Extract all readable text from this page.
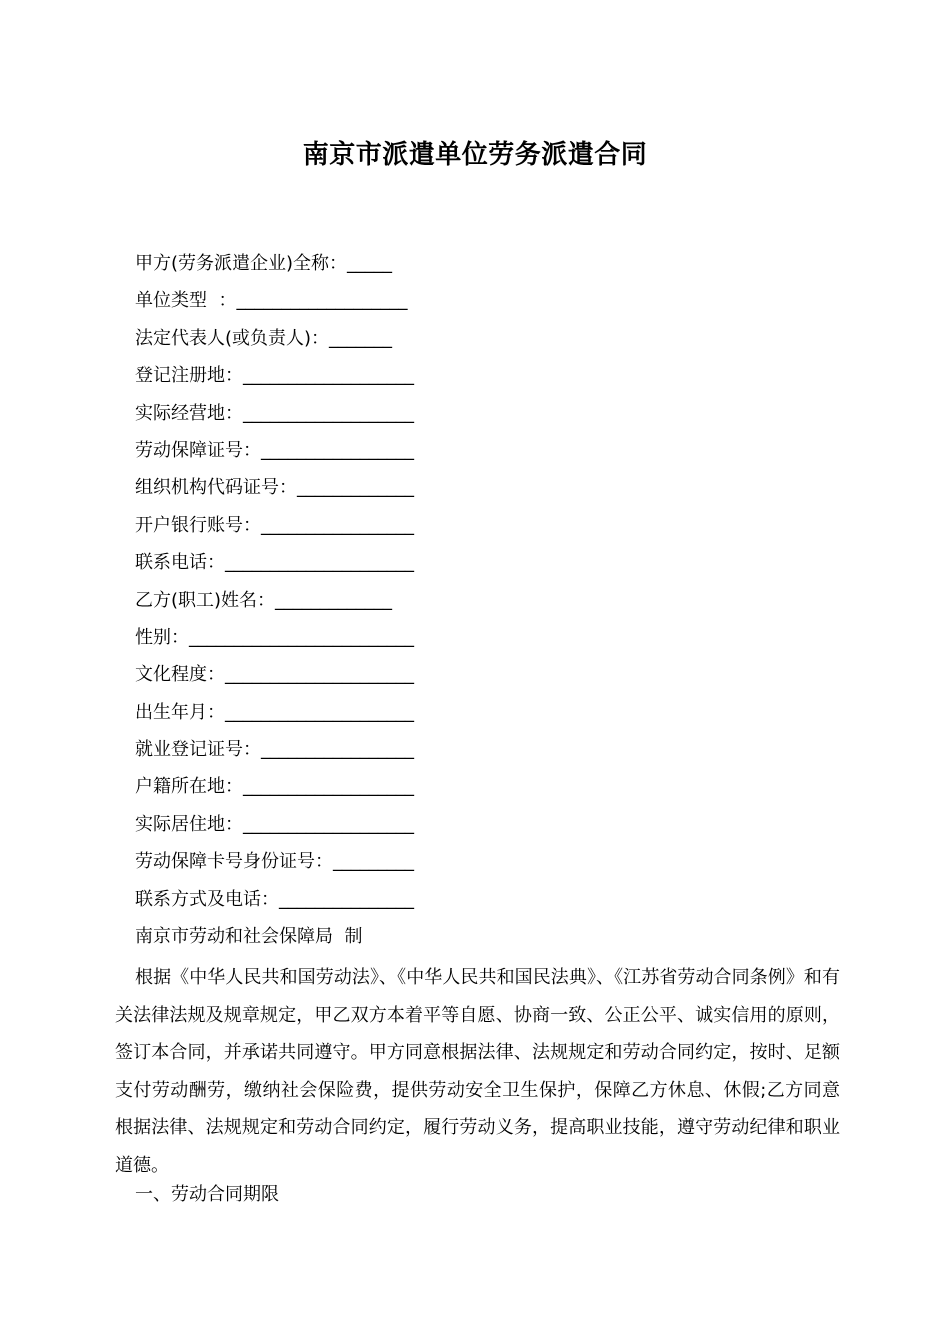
南京市派遣单位劳务派遣合同
甲方(劳务派遣企业)全称： _____
单位类型  ： ___________________
法定代表人(或负责人)： _______
登记注册地： ___________________
实际经营地： ___________________
劳动保障证号： _________________
组织机构代码证号： _____________
开户银行账号： _________________
联系电话： _____________________
乙方(职工)姓名： _____________
性别： _________________________
文化程度： _____________________
出生年月： _____________________
就业登记证号： _________________
户籍所在地： ___________________
实际居住地： ___________________
劳动保障卡号身份证号： _________
联系方式及电话： _______________
南京市劳动和社会保障局  制
根据《中华人民共和国劳动法》、《中华人民共和国民法典》、《江苏省劳动合同条例》和有关法律法规及规章规定，甲乙双方本着平等自愿、协商一致、公正公平、诚实信用的原则，签订本合同，并承诺共同遵守。甲方同意根据法律、法规规定和劳动合同约定，按时、足额支付劳动酬劳，缴纳社会保险费，提供劳动安全卫生保护，保障乙方休息、休假;乙方同意根据法律、法规规定和劳动合同约定，履行劳动义务，提高职业技能，遵守劳动纪律和职业道德。
一、劳动合同期限
